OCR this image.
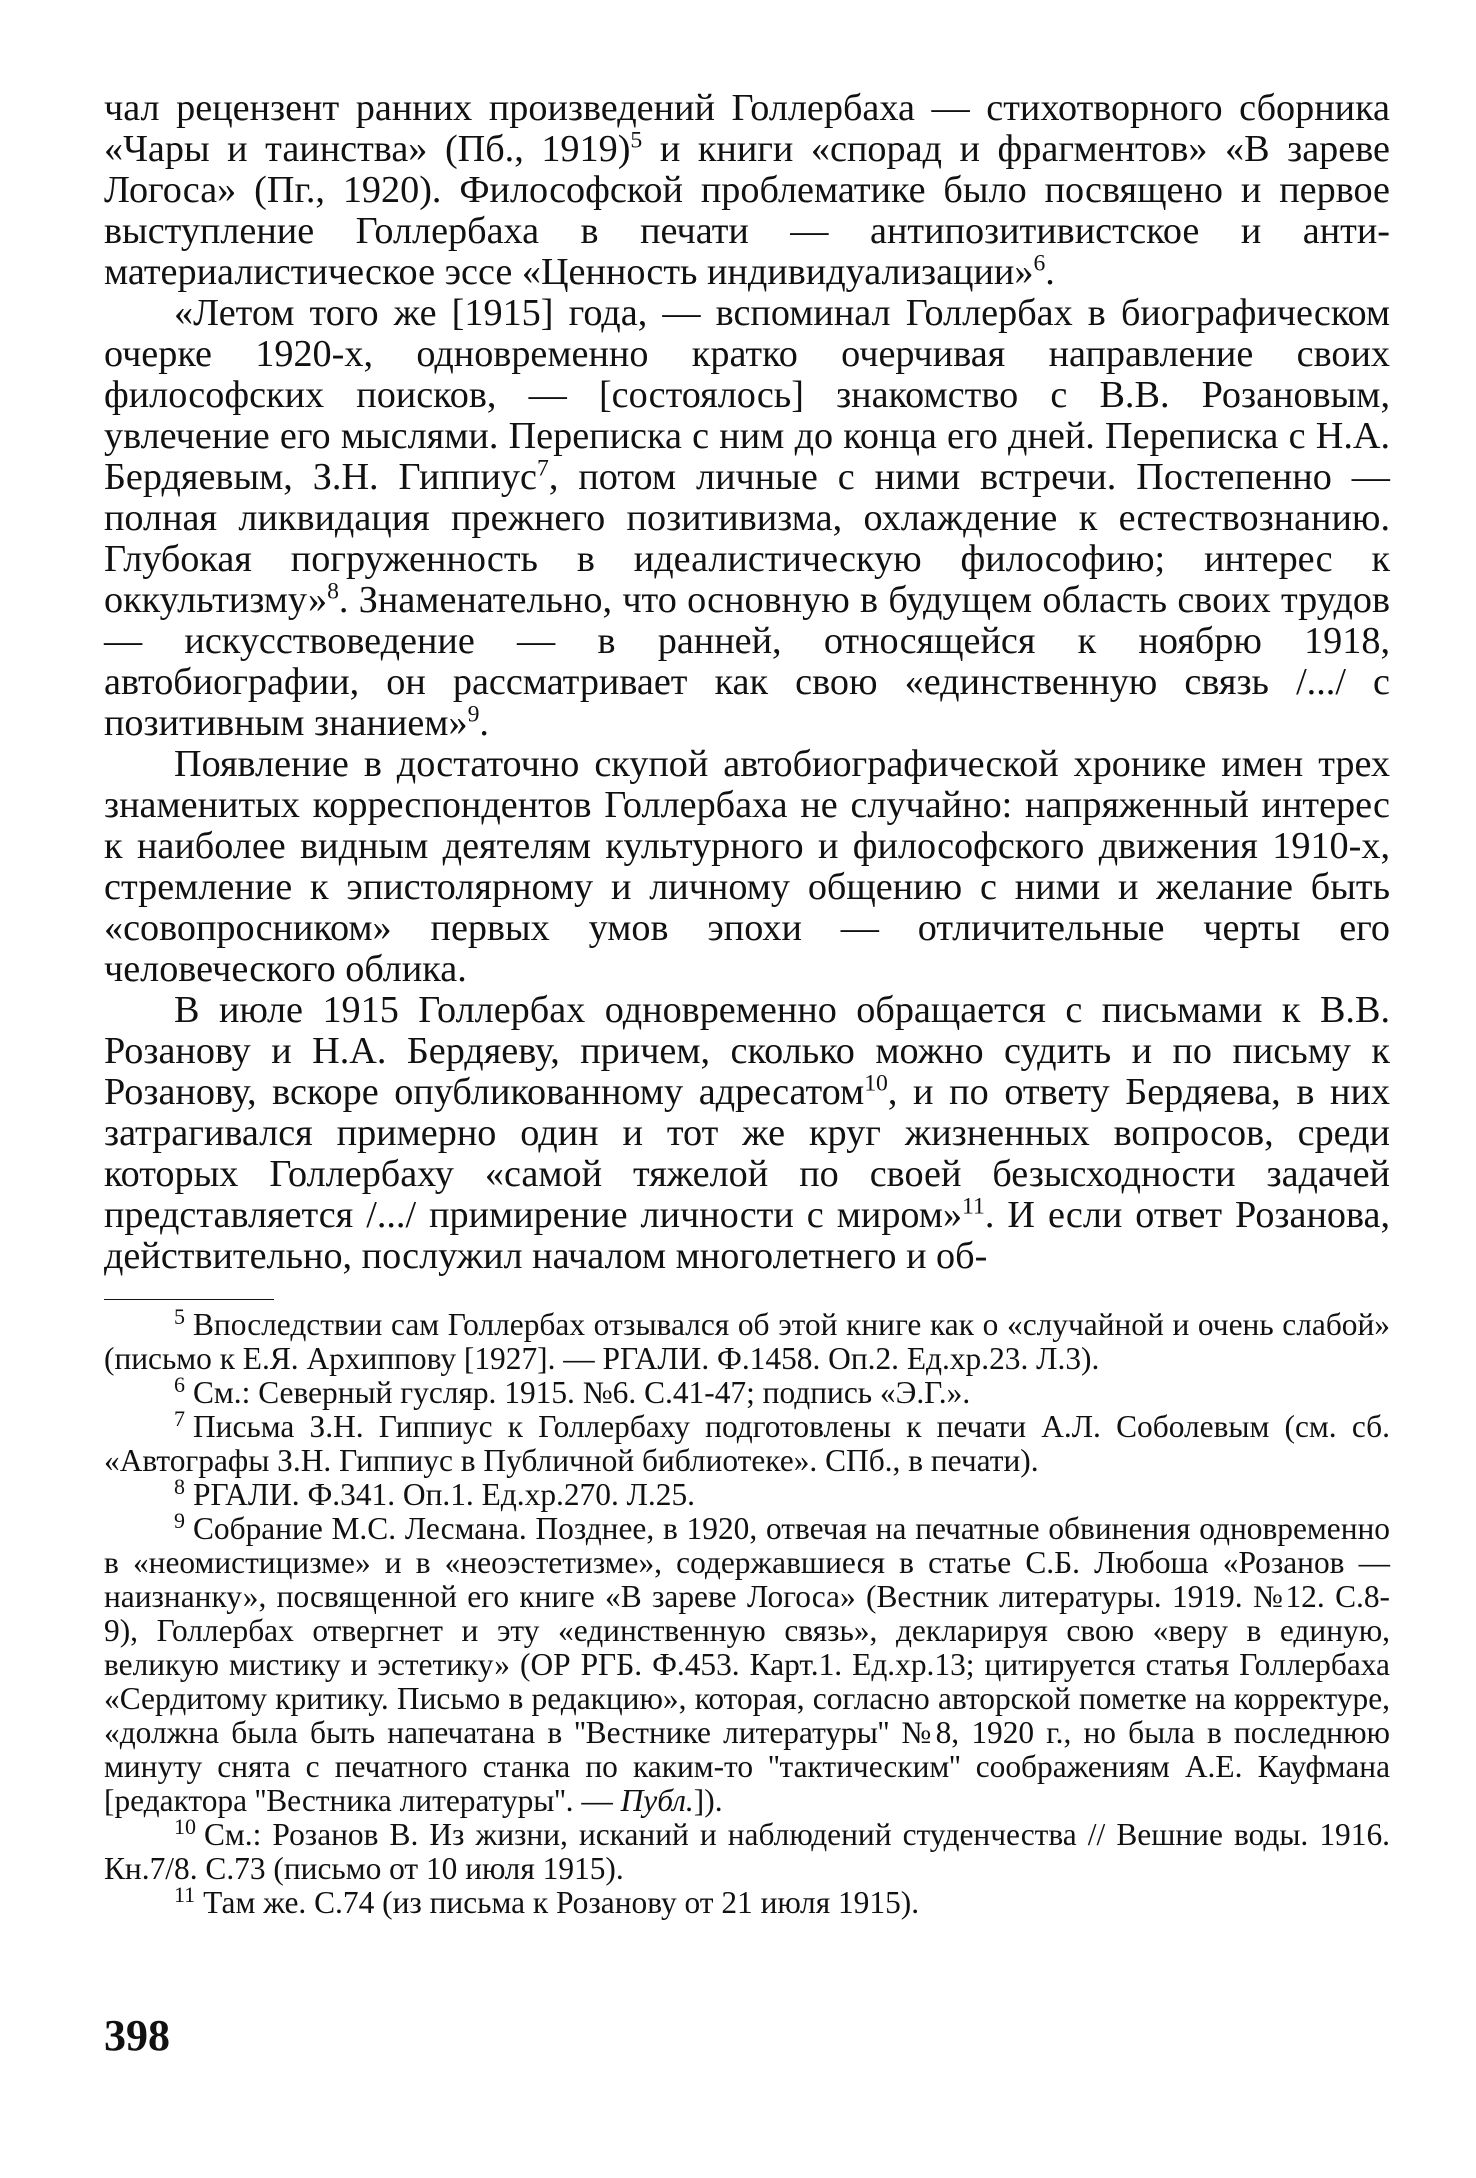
чал рецензент ранних произведений Голлербаха — стихотворного сборника «Чары и таинства» (Пб., 1919)$^5$ и книги «спорад и фрагментов» «В зареве Логоса» (Пг., 1920). Философской проблематике было посвящено и первое выступление Голлербаха в печати — антипозитивистское и антиматериалистическое эссе «Ценность индивидуализации»$^6$.

«Летом того же [1915] года, — вспоминал Голлербах в биографическом очерке 1920-х, одновременно кратко очерчивая направление своих философских поисков, — [состоялось] знакомство с В.В. Розановым, увлечение его мыслями. Переписка с ним до конца его дней. Переписка с Н.А. Бердяевым, З.Н. Гиппиус$^7$, потом личные с ними встречи. Постепенно — полная ликвидация прежнего позитивизма, охлаждение к естествознанию. Глубокая погруженность в идеалистическую философию; интерес к оккультизму»$^8$. Знаменательно, что основную в будущем область своих трудов — искусствоведение — в ранней, относящейся к ноябрю 1918, автобиографии, он рассматривает как свою «единственную связь /.../ с позитивным знанием»$^9$.

Появление в достаточно скупой автобиографической хронике имен трех знаменитых корреспондентов Голлербаха не случайно: напряженный интерес к наиболее видным деятелям культурного и философского движения 1910-х, стремление к эпистолярному и личному общению с ними и желание быть «совопросником» первых умов эпохи — отличительные черты его человеческого облика.

В июле 1915 Голлербах одновременно обращается с письмами к В.В. Розанову и Н.А. Бердяеву, причем, сколько можно судить и по письму к Розанову, вскоре опубликованному адресатом$^{10}$, и по ответу Бердяева, в них затрагивался примерно один и тот же круг жизненных вопросов, среди которых Голлербаху «самой тяжелой по своей безысходности задачей представляется /.../ примирение личности с миром»$^{11}$. И если ответ Розанова, действительно, послужил началом многолетнего и об-

$^5$ Впоследствии сам Голлербах отзывался об этой книге как о «случайной и очень слабой» (письмо к Е.Я. Архиппову [1927]. — РГАЛИ. Ф.1458. Оп.2. Ед.хр.23. Л.3).

$^6$ См.: Северный гусляр. 1915. №6. С.41-47; подпись «Э.Г.».

$^7$ Письма З.Н. Гиппиус к Голлербаху подготовлены к печати А.Л. Соболевым (см. сб. «Автографы З.Н. Гиппиус в Публичной библиотеке». СПб., в печати).

$^8$ РГАЛИ. Ф.341. Оп.1. Ед.хр.270. Л.25.

$^9$ Собрание М.С. Лесмана. Позднее, в 1920, отвечая на печатные обвинения одновременно в «неомистицизме» и в «неоэстетизме», содержавшиеся в статье С.Б. Любоша «Розанов — наизнанку», посвященной его книге «В зареве Логоса» (Вестник литературы. 1919. №12. С.8-9), Голлербах отвергнет и эту «единственную связь», декларируя свою «веру в единую, великую мистику и эстетику» (ОР РГБ. Ф.453. Карт.1. Ед.хр.13; цитируется статья Голлербаха «Сердитому критику. Письмо в редакцию», которая, согласно авторской пометке на корректуре, «должна была быть напечатана в ''Вестнике литературы'' №8, 1920 г., но была в последнюю минуту снята с печатного станка по каким-то ''тактическим'' соображениям А.Е. Кауфмана [редактора ''Вестника литературы''. — Публ.]).

$^{10}$ См.: Розанов В. Из жизни, исканий и наблюдений студенчества // Вешние воды. 1916. Кн.7/8. С.73 (письмо от 10 июля 1915).

$^{11}$ Там же. С.74 (из письма к Розанову от 21 июля 1915).

398
